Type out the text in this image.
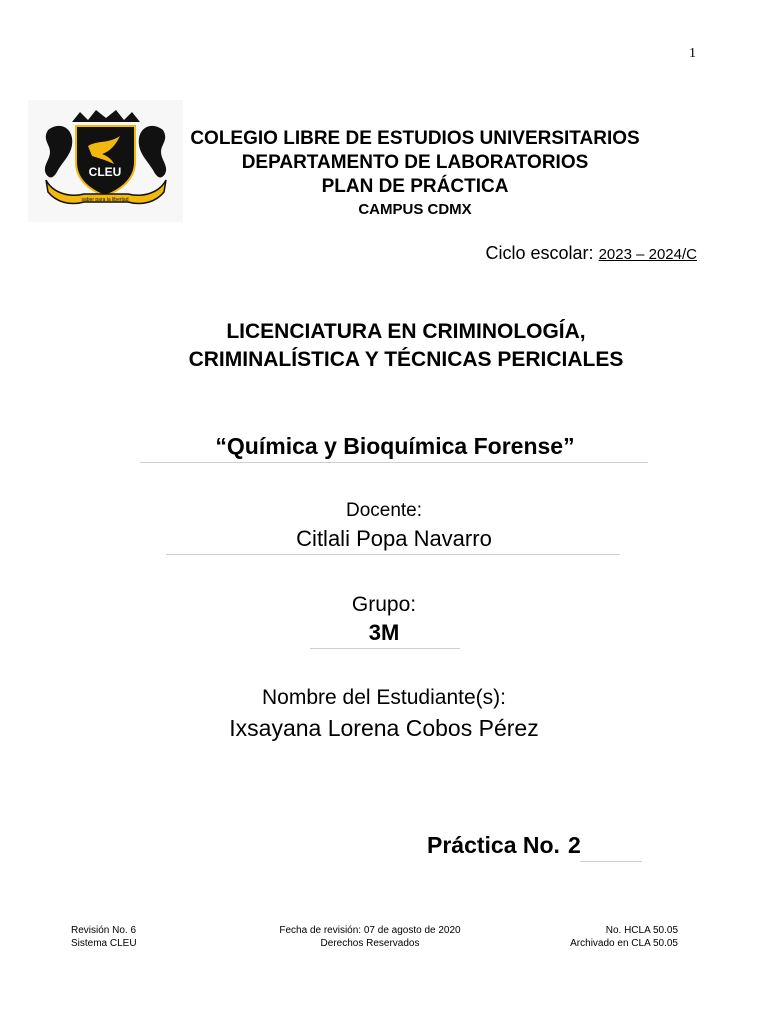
1
CLEU
saber para la libertad
COLEGIO LIBRE DE ESTUDIOS UNIVERSITARIOS
DEPARTAMENTO DE LABORATORIOS
PLAN DE PRÁCTICA
CAMPUS CDMX
Ciclo escolar: 2023 – 2024/C
LICENCIATURA EN CRIMINOLOGÍA,
CRIMINALÍSTICA Y TÉCNICAS PERICIALES
“Química y Bioquímica Forense”
Docente:
Citlali Popa Navarro
Grupo:
3M
Nombre del Estudiante(s):
Ixsayana Lorena Cobos Pérez
Práctica No. 2
Revisión No. 6
Sistema CLEU
Fecha de revisión: 07 de agosto de 2020
Derechos Reservados
No. HCLA 50.05
Archivado en CLA 50.05
